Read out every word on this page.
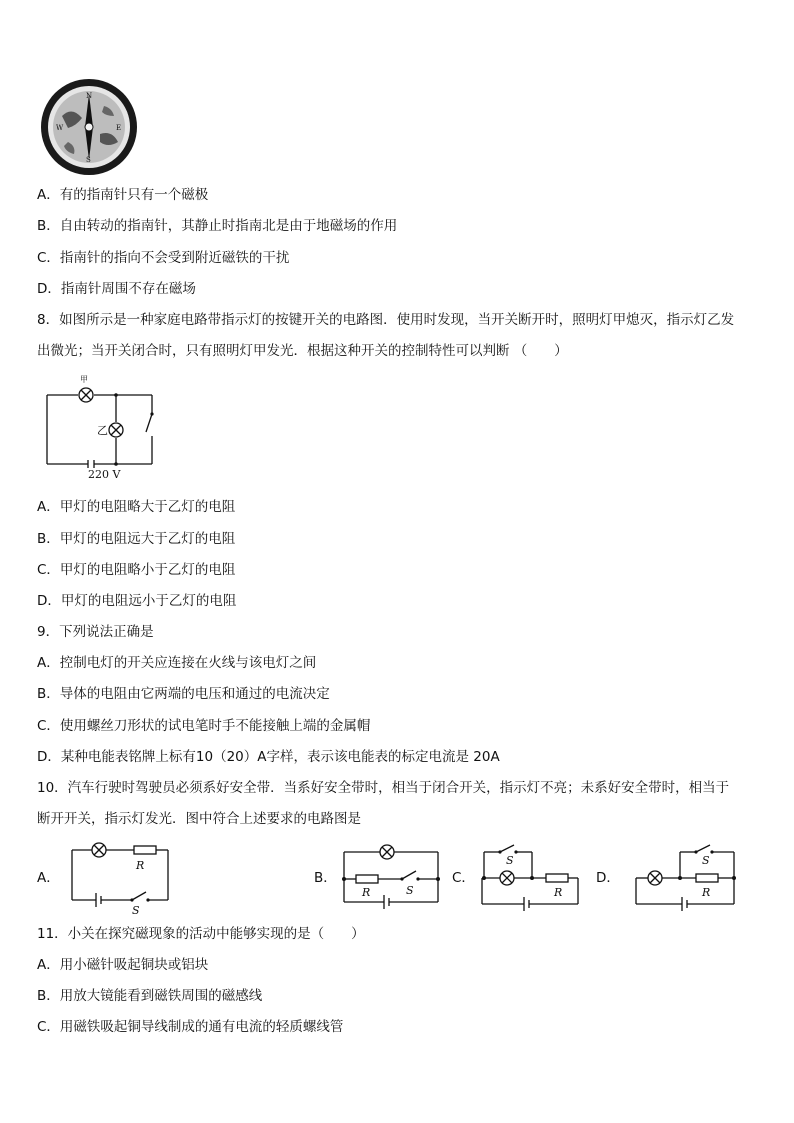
N
E
S
W
A．有的指南针只有一个磁极
B．自由转动的指南针，其静止时指南北是由于地磁场的作用
C．指南针的指向不会受到附近磁铁的干扰
D．指南针周围不存在磁场
8．如图所示是一种家庭电路带指示灯的按键开关的电路图．使用时发现，当开关断开时，照明灯甲熄灭，指示灯乙发
出微光；当开关闭合时，只有照明灯甲发光．根据这种开关的控制特性可以判断 （　　）
甲
乙
220 V
A．甲灯的电阻略大于乙灯的电阻
B．甲灯的电阻远大于乙灯的电阻
C．甲灯的电阻略小于乙灯的电阻
D．甲灯的电阻远小于乙灯的电阻
9．下列说法正确是
A．控制电灯的开关应连接在火线与该电灯之间
B．导体的电阻由它两端的电压和通过的电流决定
C．使用螺丝刀形状的试电笔时手不能接触上端的金属帽
D．某种电能表铭牌上标有10（20）A字样，表示该电能表的标定电流是 20A
10．汽车行驶时驾驶员必须系好安全带．当系好安全带时，相当于闭合开关，指示灯不亮；未系好安全带时，相当于
断开开关，指示灯发光．图中符合上述要求的电路图是
A．
R
S
B．
R	S
C．
S
R
D．
S
R
11．小关在探究磁现象的活动中能够实现的是（　　）
A．用小磁针吸起铜块或铝块
B．用放大镜能看到磁铁周围的磁感线
C．用磁铁吸起铜导线制成的通有电流的轻质螺线管
